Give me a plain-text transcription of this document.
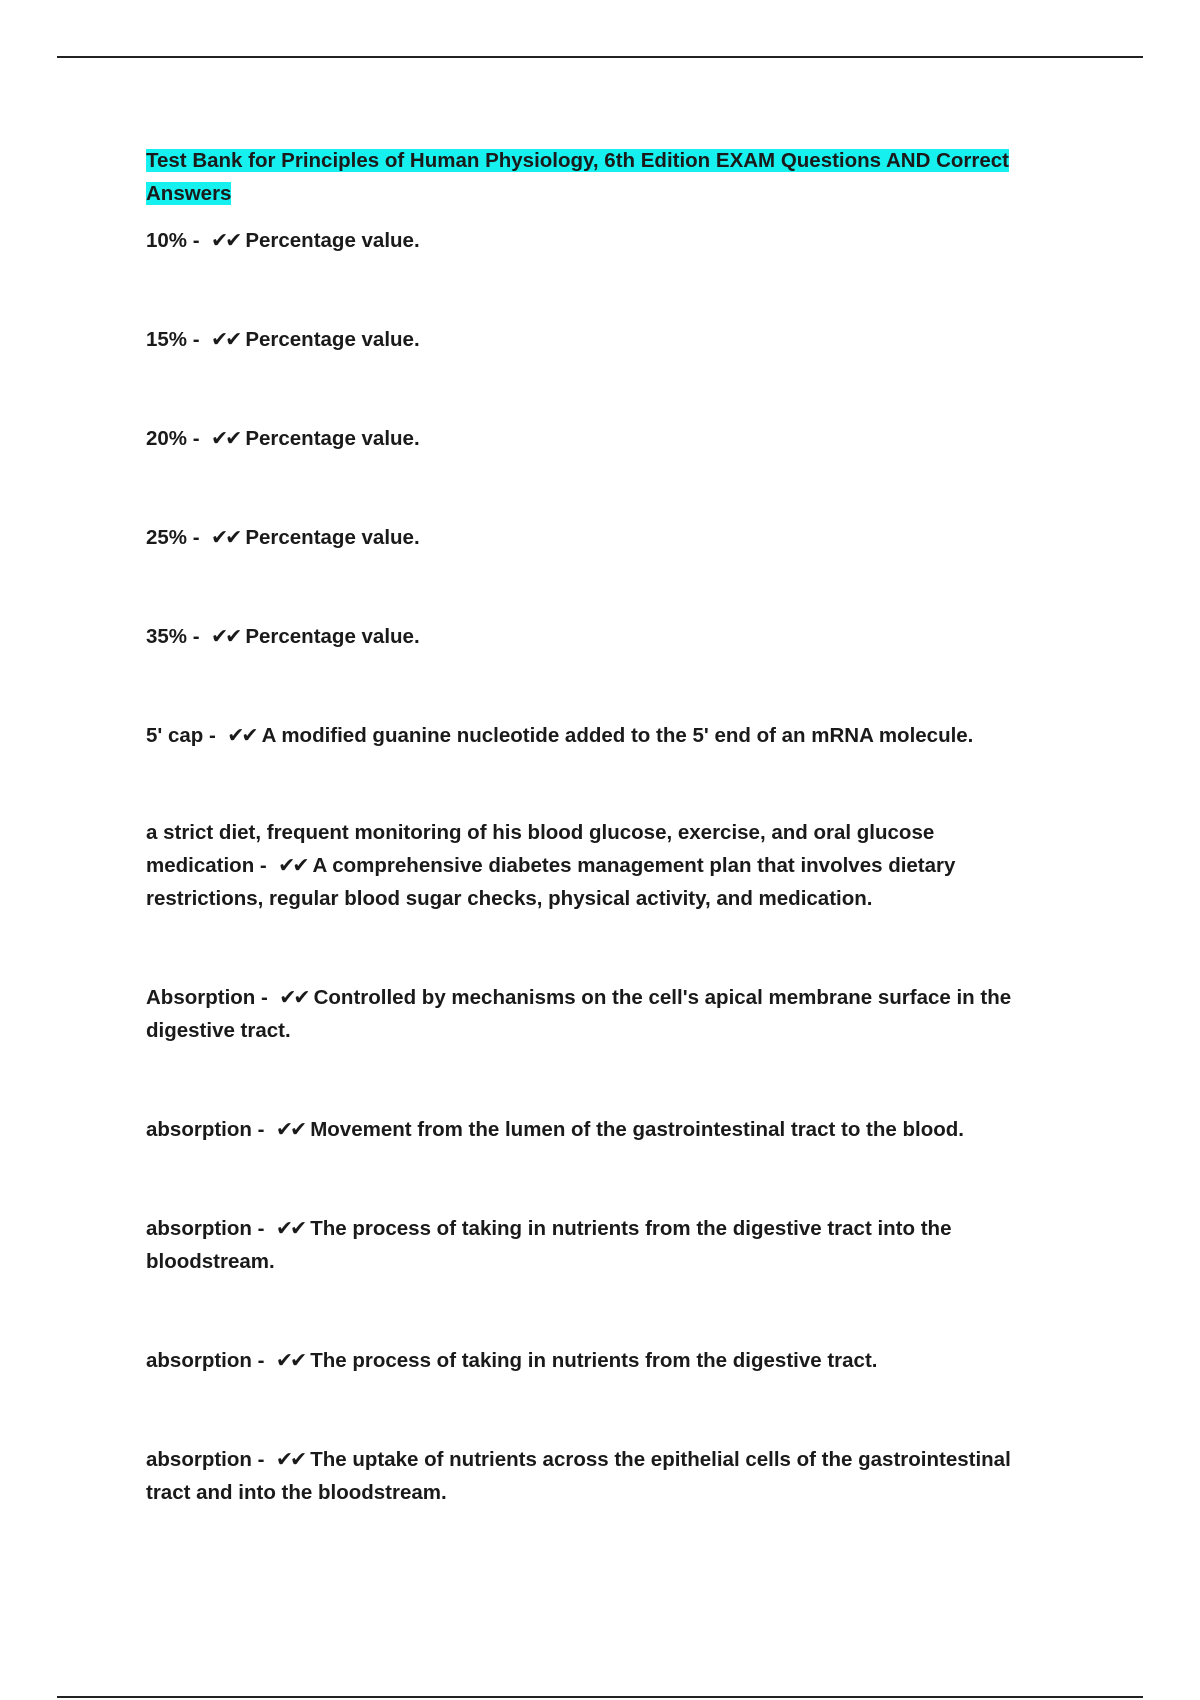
Test Bank for Principles of Human Physiology, 6th Edition EXAM Questions AND Correct Answers

10% -  ✔✔ Percentage value.

15% -  ✔✔ Percentage value.

20% -  ✔✔ Percentage value.

25% -  ✔✔ Percentage value.

35% -  ✔✔ Percentage value.

5' cap -  ✔✔ A modified guanine nucleotide added to the 5' end of an mRNA molecule.

a strict diet, frequent monitoring of his blood glucose, exercise, and oral glucose medication -  ✔✔ A comprehensive diabetes management plan that involves dietary restrictions, regular blood sugar checks, physical activity, and medication.

Absorption -  ✔✔ Controlled by mechanisms on the cell's apical membrane surface in the digestive tract.

absorption -  ✔✔ Movement from the lumen of the gastrointestinal tract to the blood.

absorption -  ✔✔ The process of taking in nutrients from the digestive tract into the bloodstream.

absorption -  ✔✔ The process of taking in nutrients from the digestive tract.

absorption -  ✔✔ The uptake of nutrients across the epithelial cells of the gastrointestinal tract and into the bloodstream.
